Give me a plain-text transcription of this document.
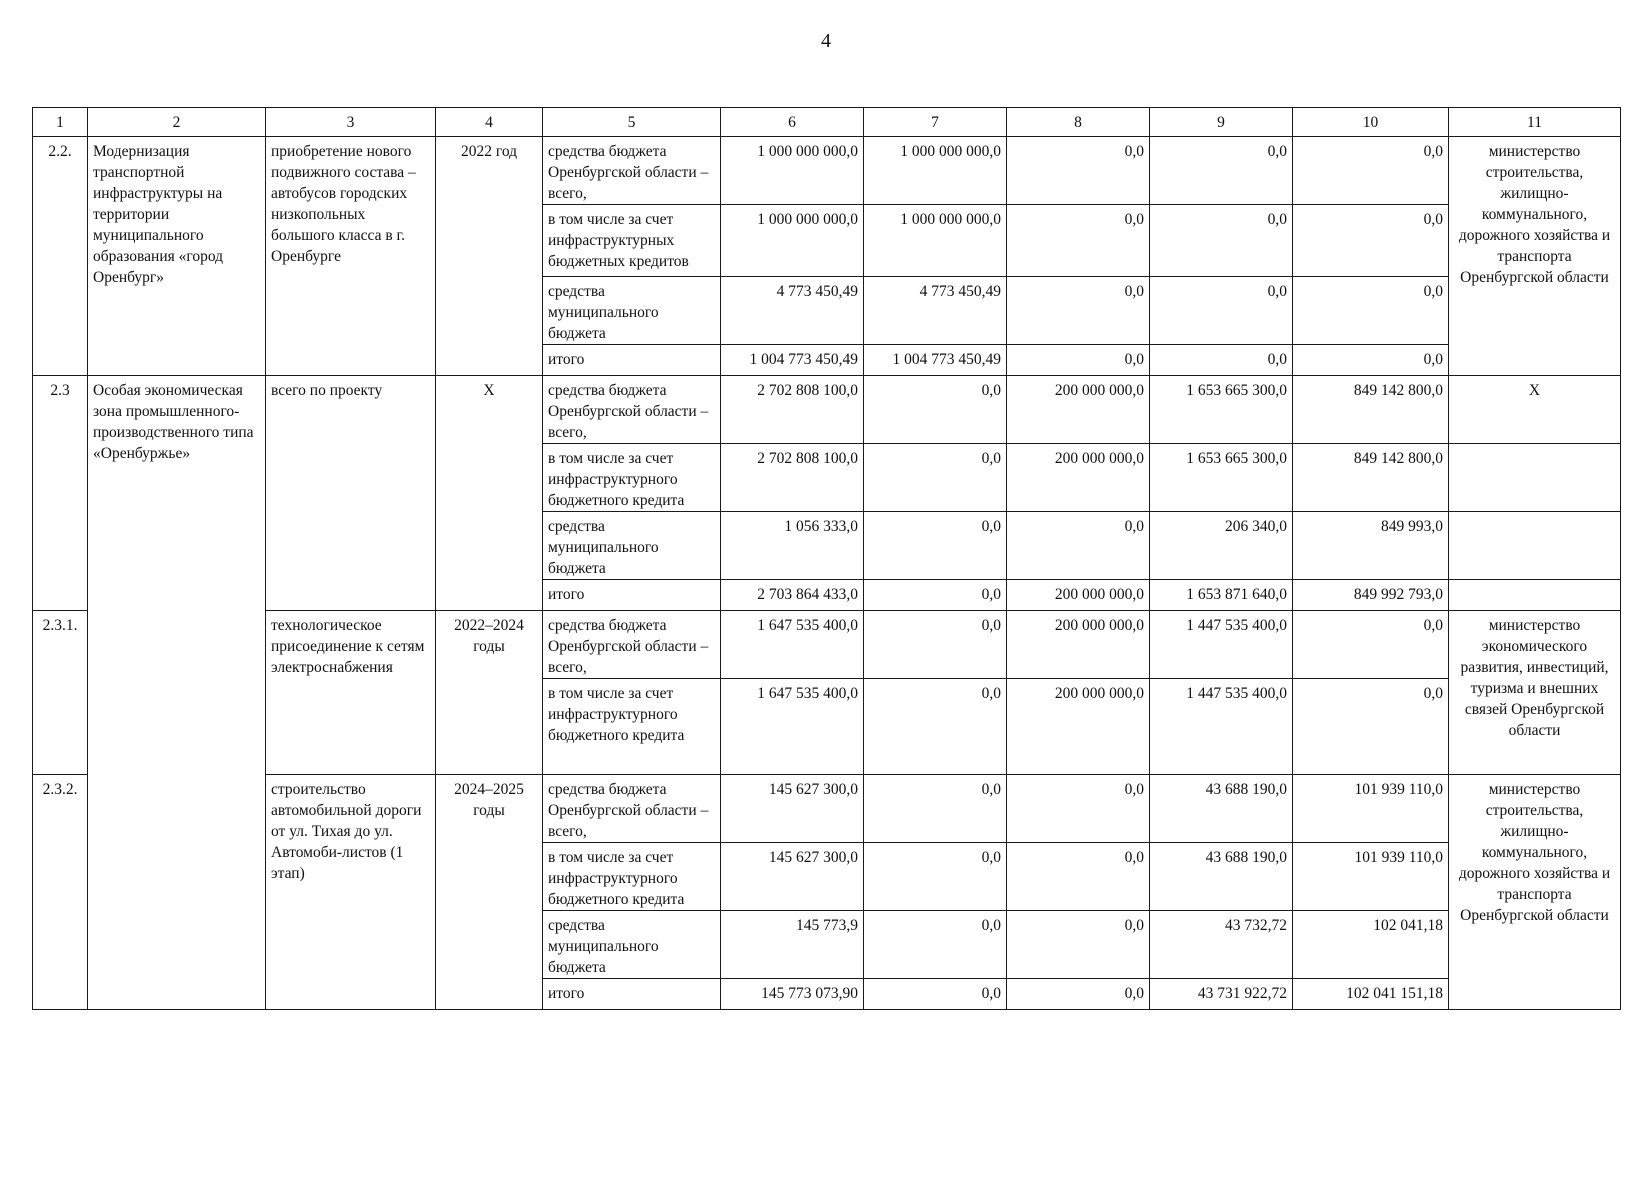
4
1	2	3	4	5	6	7	8	9	10	11
2.2.	Модернизация транспортной инфраструктуры на территории муниципального образования «город Оренбург»	приобретение нового подвижного состава – автобусов городских низкопольных большого класса в г. Оренбурге	2022 год	средства бюджета Оренбургской области – всего,	1 000 000 000,0	1 000 000 000,0	0,0	0,0	0,0	министерство строительства, жилищно-коммунального, дорожного хозяйства и транспорта Оренбургской области
				в том числе за счет инфраструктурных бюджетных кредитов	1 000 000 000,0	1 000 000 000,0	0,0	0,0	0,0	
				средства муниципального бюджета	4 773 450,49	4 773 450,49	0,0	0,0	0,0	
				итого	1 004 773 450,49	1 004 773 450,49	0,0	0,0	0,0	
2.3	Особая экономическая зона промышленного-производственного типа «Оренбуржье»	всего по проекту	Х	средства бюджета Оренбургской области – всего,	2 702 808 100,0	0,0	200 000 000,0	1 653 665 300,0	849 142 800,0	Х
				в том числе за счет инфраструктурного бюджетного кредита	2 702 808 100,0	0,0	200 000 000,0	1 653 665 300,0	849 142 800,0	
				средства муниципального бюджета	1 056 333,0	0,0	0,0	206 340,0	849 993,0	
				итого	2 703 864 433,0	0,0	200 000 000,0	1 653 871 640,0	849 992 793,0	
2.3.1.		технологическое присоединение к сетям электроснабжения	2022–2024 годы	средства бюджета Оренбургской области – всего,	1 647 535 400,0	0,0	200 000 000,0	1 447 535 400,0	0,0	министерство экономического развития, инвестиций, туризма и внешних связей Оренбургской области
				в том числе за счет инфраструктурного бюджетного кредита	1 647 535 400,0	0,0	200 000 000,0	1 447 535 400,0	0,0	
2.3.2.		строительство автомобильной дороги от ул. Тихая до ул. Автомоби-листов (1 этап)	2024–2025 годы	средства бюджета Оренбургской области – всего,	145 627 300,0	0,0	0,0	43 688 190,0	101 939 110,0	министерство строительства, жилищно-коммунального, дорожного хозяйства и транспорта Оренбургской области
				в том числе за счет инфраструктурного бюджетного кредита	145 627 300,0	0,0	0,0	43 688 190,0	101 939 110,0	
				средства муниципального бюджета	145 773,9	0,0	0,0	43 732,72	102 041,18	
				итого	145 773 073,90	0,0	0,0	43 731 922,72	102 041 151,18	
